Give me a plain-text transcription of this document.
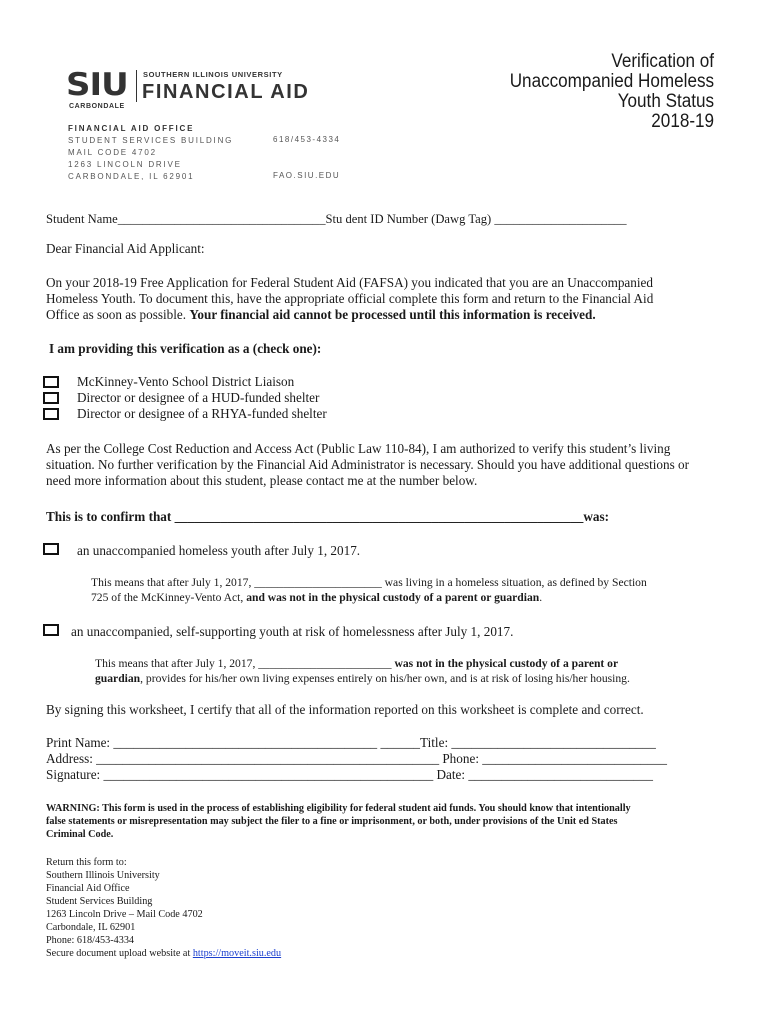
SIU SOUTHERN ILLINOIS UNIVERSITY
FINANCIAL AID
CARBONDALE
FINANCIAL AID OFFICE
STUDENT SERVICES BUILDING
MAIL CODE 4702
1263 LINCOLN DRIVE
CARBONDALE, IL 62901
618/453-4334
FAO.SIU.EDU
Verification of
Unaccompanied Homeless
Youth Status
2018-19
Student Name_________________________________Stu dent ID Number (Dawg Tag) _____________________
Dear Financial Aid Applicant:
On your 2018-19 Free Application for Federal Student Aid (FAFSA) you indicated that you are an Unaccompanied
Homeless Youth. To document this, have the appropriate official complete this form and return to the Financial Aid
Office as soon as possible. Your financial aid cannot be processed until this information is received.
I am providing this verification as a (check one):
McKinney-Vento School District Liaison
Director or designee of a HUD-funded shelter
Director or designee of a RHYA-funded shelter
As per the College Cost Reduction and Access Act (Public Law 110-84), I am authorized to verify this student’s living
situation. No further verification by the Financial Aid Administrator is necessary. Should you have additional questions or
need more information about this student, please contact me at the number below.
This is to confirm that ______________________________________________________________was:
an unaccompanied homeless youth after July 1, 2017.
This means that after July 1, 2017, ______________________ was living in a homeless situation, as defined by Section
725 of the McKinney-Vento Act, and was not in the physical custody of a parent or guardian.
an unaccompanied, self-supporting youth at risk of homelessness after July 1, 2017.
This means that after July 1, 2017, _______________________ was not in the physical custody of a parent or
guardian, provides for his/her own living expenses entirely on his/her own, and is at risk of losing his/her housing.
By signing this worksheet, I certify that all of the information reported on this worksheet is complete and correct.
Print Name: ________________________________________ ______Title: _______________________________
Address: ____________________________________________________ Phone: ____________________________
Signature: __________________________________________________ Date: ____________________________
WARNING: This form is used in the process of establishing eligibility for federal student aid funds. You should know that intentionally
false statements or misrepresentation may subject the filer to a fine or imprisonment, or both, under provisions of the Unit ed States
Criminal Code.
Return this form to:
Southern Illinois University
Financial Aid Office
Student Services Building
1263 Lincoln Drive – Mail Code 4702
Carbondale, IL 62901
Phone: 618/453-4334
Secure document upload website at https://moveit.siu.edu
